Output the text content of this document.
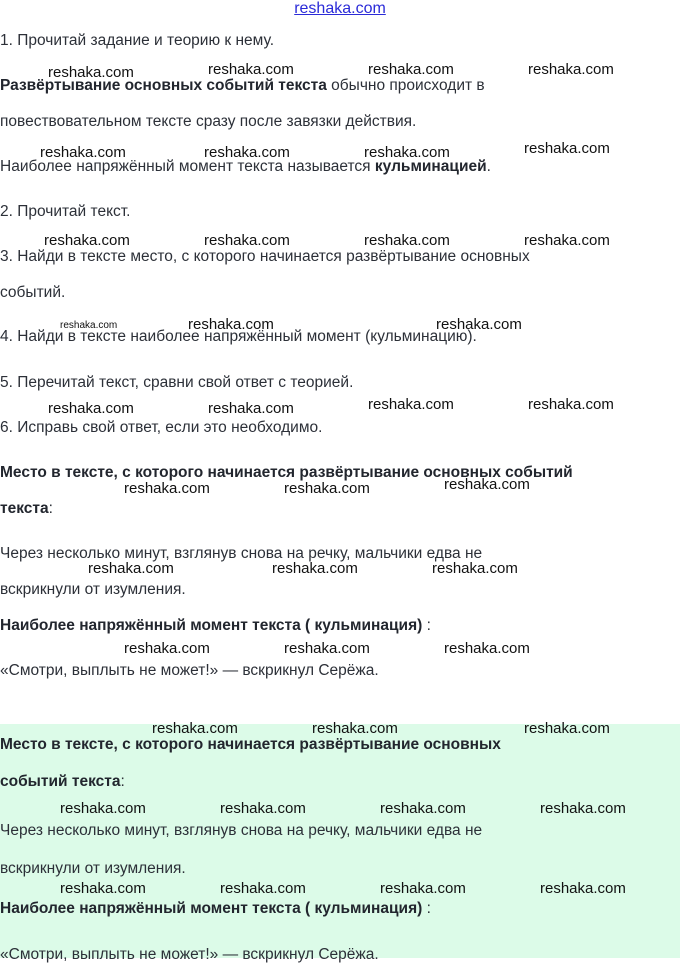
reshaka.com

1. Прочитай задание и теорию к нему.

Развёртывание основных событий текста обычно происходит в

повествовательном тексте сразу после завязки действия.

Наиболее напряжённый момент текста называется кульминацией.

2. Прочитай текст.

3. Найди в тексте место, с которого начинается развёртывание основных

событий.

4. Найди в тексте наиболее напряжённый момент (кульминацию).

5. Перечитай текст, сравни свой ответ с теорией.

6. Исправь свой ответ, если это необходимо.

Место в тексте, с которого начинается развёртывание основных событий

текста:

Через несколько минут, взглянув снова на речку, мальчики едва не

вскрикнули от изумления.

Наиболее напряжённый момент текста ( кульминация) :

«Смотри, выплыть не может!» — вскрикнул Серёжа.

Место в тексте, с которого начинается развёртывание основных

событий текста:

Через несколько минут, взглянув снова на речку, мальчики едва не

вскрикнули от изумления.

Наиболее напряжённый момент текста ( кульминация) :

«Смотри, выплыть не может!» — вскрикнул Серёжа.

reshaka.com	reshaka.com	reshaka.com	reshaka.com
reshaka.com	reshaka.com	reshaka.com	reshaka.com
reshaka.com	reshaka.com	reshaka.com	reshaka.com
reshaka.com	reshaka.com	reshaka.com
reshaka.com	reshaka.com	reshaka.com	reshaka.com
reshaka.com	reshaka.com	reshaka.com
reshaka.com	reshaka.com	reshaka.com
reshaka.com	reshaka.com	reshaka.com
reshaka.com	reshaka.com	reshaka.com
reshaka.com	reshaka.com	reshaka.com	reshaka.com
reshaka.com	reshaka.com	reshaka.com	reshaka.com
